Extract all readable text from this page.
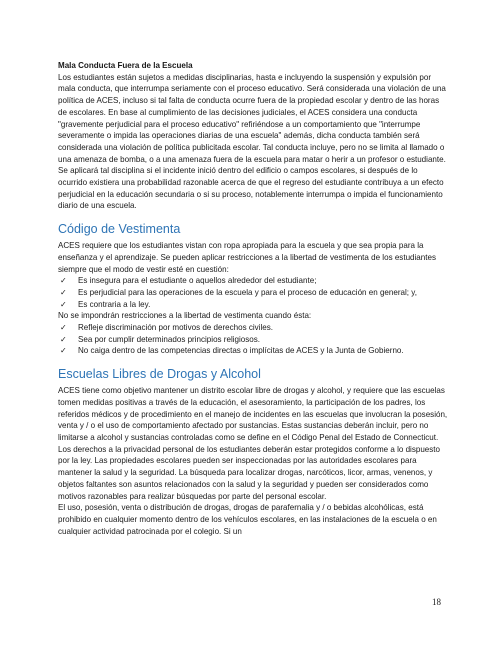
Mala Conducta Fuera de la Escuela

Los estudiantes están sujetos a medidas disciplinarias, hasta e incluyendo la suspensión y expulsión por mala conducta, que interrumpa seriamente con el proceso educativo. Será considerada una violación de una política de ACES, incluso si tal falta de conducta ocurre fuera de la propiedad escolar y dentro de las horas de escolares. En base al cumplimiento de las decisiones judiciales, el ACES considera una conducta "gravemente perjudicial para el proceso educativo" refiriéndose a un comportamiento que "interrumpe severamente o impida las operaciones diarias de una escuela" además, dicha conducta también será considerada una violación de política publicitada escolar. Tal conducta incluye, pero no se limita al llamado o una amenaza de bomba, o a una amenaza fuera de la escuela para matar o herir a un profesor o estudiante. Se aplicará tal disciplina si el incidente inició dentro del edificio o campos escolares, si después de lo ocurrido existiera una probabilidad razonable acerca de que el regreso del estudiante contribuya a un efecto perjudicial en la educación secundaria o si su proceso, notablemente interrumpa o impida el funcionamiento diario de una escuela.

Código de Vestimenta

ACES requiere que los estudiantes vistan con ropa apropiada para la escuela y que sea propia para la enseñanza y el aprendizaje. Se pueden aplicar restricciones a la libertad de vestimenta de los estudiantes siempre que el modo de vestir esté en cuestión:

✓ Es insegura para el estudiante o aquellos alrededor del estudiante;
✓ Es perjudicial para las operaciones de la escuela y para el proceso de educación en general; y,
✓ Es contraria a la ley.

No se impondrán restricciones a la libertad de vestimenta cuando ésta:

✓ Refleje discriminación por motivos de derechos civiles.
✓ Sea por cumplir determinados principios religiosos.
✓ No caiga dentro de las competencias directas o implícitas de ACES y la Junta de Gobierno.
Escuelas Libres de Drogas y Alcohol

ACES tiene como objetivo mantener un distrito escolar libre de drogas y alcohol, y requiere que las escuelas tomen medidas positivas a través de la educación, el asesoramiento, la participación de los padres, los referidos médicos y de procedimiento en el manejo de incidentes en las escuelas que involucran la posesión, venta y / o el uso de comportamiento afectado por sustancias. Estas sustancias deberán incluir, pero no limitarse a alcohol y sustancias controladas como se define en el Código Penal del Estado de Connecticut.

Los derechos a la privacidad personal de los estudiantes deberán estar protegidos conforme a lo dispuesto por la ley. Las propiedades escolares pueden ser inspeccionadas por las autoridades escolares para mantener la salud y la seguridad. La búsqueda para localizar drogas, narcóticos, licor, armas, venenos, y objetos faltantes son asuntos relacionados con la salud y la seguridad y pueden ser considerados como motivos razonables para realizar búsquedas por parte del personal escolar.

El uso, posesión, venta o distribución de drogas, drogas de parafernalia y / o bebidas alcohólicas, está prohibido en cualquier momento dentro de los vehículos escolares, en las instalaciones de la escuela o en cualquier actividad patrocinada por el colegio. Si un

18
